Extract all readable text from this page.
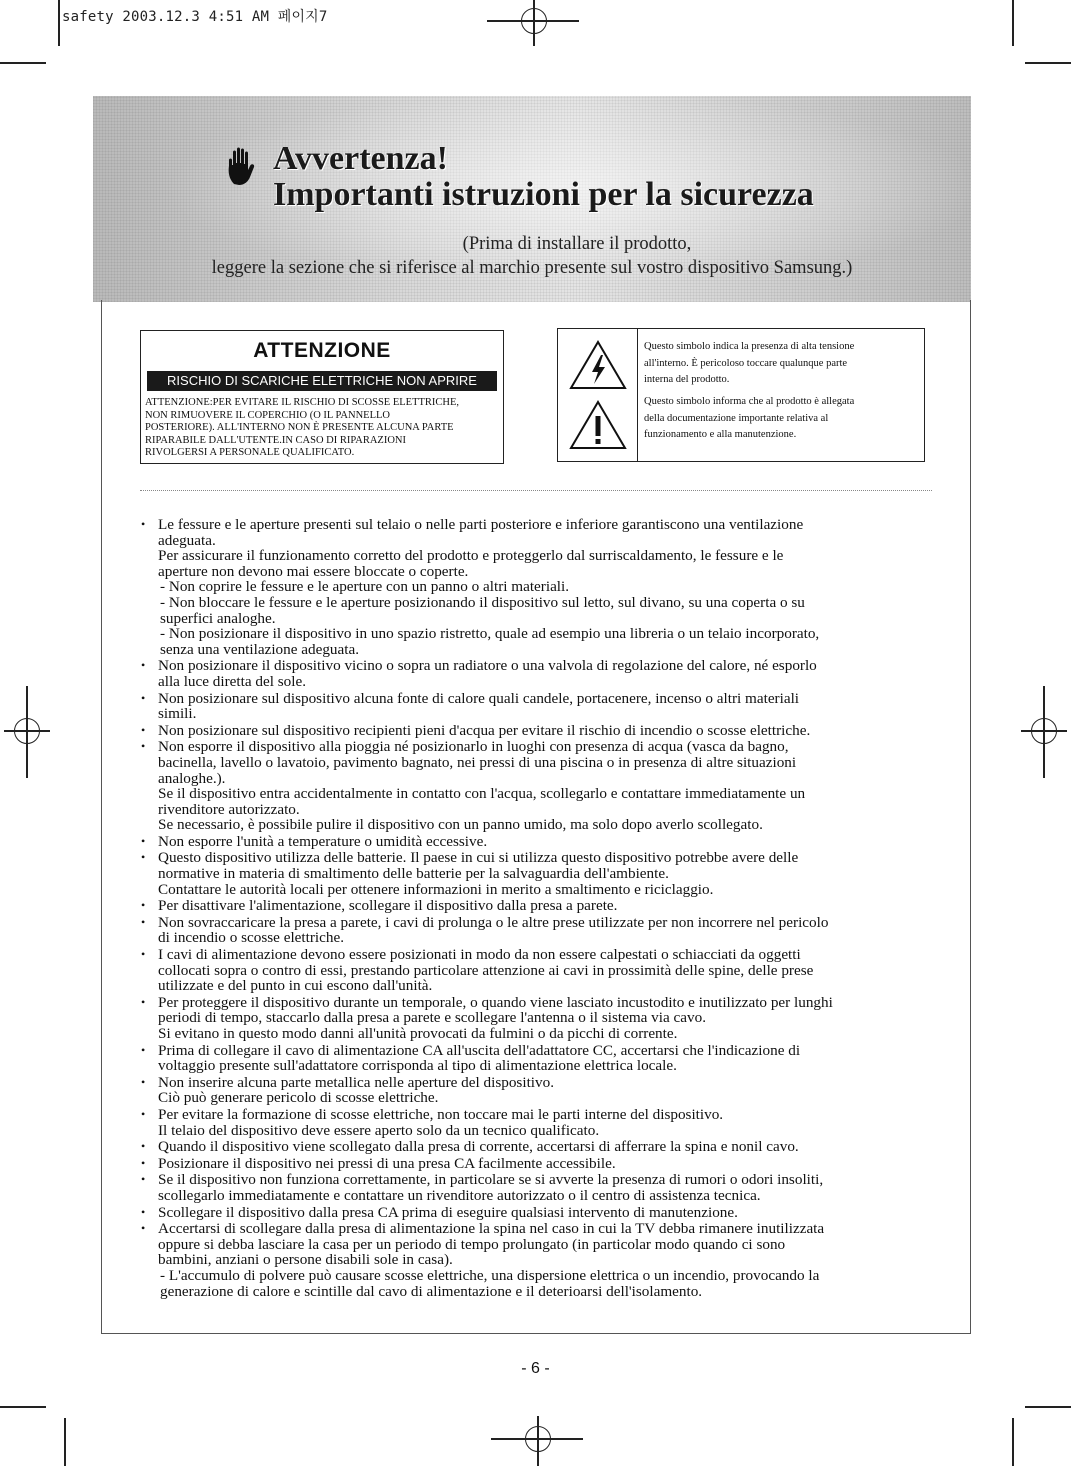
safety 2003.12.3 4:51 AM 페이지7
Avvertenza!
Importanti istruzioni per la sicurezza
(Prima di installare il prodotto,
leggere la sezione che si riferisce al marchio presente sul vostro dispositivo Samsung.)
ATTENZIONE
RISCHIO DI SCARICHE ELETTRICHE NON APRIRE
ATTENZIONE:PER EVITARE IL RISCHIO DI SCOSSE ELETTRICHE,
NON RIMUOVERE IL COPERCHIO (O IL PANNELLO
POSTERIORE). ALL'INTERNO NON È PRESENTE ALCUNA PARTE
RIPARABILE DALL'UTENTE.IN CASO DI RIPARAZIONI
RIVOLGERSI A PERSONALE QUALIFICATO.
Questo simbolo indica la presenza di alta tensione
all'interno. È pericoloso toccare qualunque parte
interna del prodotto.
Questo simbolo informa che al prodotto è allegata
della documentazione importante relativa al
funzionamento e alla manutenzione.
• Le fessure e le aperture presenti sul telaio o nelle parti posteriore e inferiore garantiscono una ventilazione
adeguata.
Per assicurare il funzionamento corretto del prodotto e proteggerlo dal surriscaldamento, le fessure e le
aperture non devono mai essere bloccate o coperte.
- Non coprire le fessure e le aperture con un panno o altri materiali.
- Non bloccare le fessure e le aperture posizionando il dispositivo sul letto, sul divano, su una coperta o su
superfici analoghe.
- Non posizionare il dispositivo in uno spazio ristretto, quale ad esempio una libreria o un telaio incorporato,
senza una ventilazione adeguata.
• Non posizionare il dispositivo vicino o sopra un radiatore o una valvola di regolazione del calore, né esporlo
alla luce diretta del sole.
• Non posizionare sul dispositivo alcuna fonte di calore quali candele, portacenere, incenso o altri materiali
simili.
• Non posizionare sul dispositivo recipienti pieni d'acqua per evitare il rischio di incendio o scosse elettriche.
• Non esporre il dispositivo alla pioggia né posizionarlo in luoghi con presenza di acqua (vasca da bagno,
bacinella, lavello o lavatoio, pavimento bagnato, nei pressi di una piscina o in presenza di altre situazioni
analoghe.).
Se il dispositivo entra accidentalmente in contatto con l'acqua, scollegarlo e contattare immediatamente un
rivenditore autorizzato.
Se necessario, è possibile pulire il dispositivo con un panno umido, ma solo dopo averlo scollegato.
• Non esporre l'unità a temperature o umidità eccessive.
• Questo dispositivo utilizza delle batterie. Il paese in cui si utilizza questo dispositivo potrebbe avere delle
normative in materia di smaltimento delle batterie per la salvaguardia dell'ambiente.
Contattare le autorità locali per ottenere informazioni in merito a smaltimento e riciclaggio.
• Per disattivare l'alimentazione, scollegare il dispositivo dalla presa a parete.
• Non sovraccaricare la presa a parete, i cavi di prolunga o le altre prese utilizzate per non incorrere nel pericolo
di incendio o scosse elettriche.
• I cavi di alimentazione devono essere posizionati in modo da non essere calpestati o schiacciati da oggetti
collocati sopra o contro di essi, prestando particolare attenzione ai cavi in prossimità delle spine, delle prese
utilizzate e del punto in cui escono dall'unità.
• Per proteggere il dispositivo durante un temporale, o quando viene lasciato incustodito e inutilizzato per lunghi
periodi di tempo, staccarlo dalla presa a parete e scollegare l'antenna o il sistema via cavo.
Si evitano in questo modo danni all'unità provocati da fulmini o da picchi di corrente.
• Prima di collegare il cavo di alimentazione CA all'uscita dell'adattatore CC, accertarsi che l'indicazione di
voltaggio presente sull'adattatore corrisponda al tipo di alimentazione elettrica locale.
• Non inserire alcuna parte metallica nelle aperture del dispositivo.
Ciò può generare pericolo di scosse elettriche.
• Per evitare la formazione di scosse elettriche, non toccare mai le parti interne del dispositivo.
Il telaio del dispositivo deve essere aperto solo da un tecnico qualificato.
• Quando il dispositivo viene scollegato dalla presa di corrente, accertarsi di afferrare la spina e nonil cavo.
• Posizionare il dispositivo nei pressi di una presa CA facilmente accessibile.
• Se il dispositivo non funziona correttamente, in particolare se si avverte la presenza di rumori o odori insoliti,
scollegarlo immediatamente e contattare un rivenditore autorizzato o il centro di assistenza tecnica.
• Scollegare il dispositivo dalla presa CA prima di eseguire qualsiasi intervento di manutenzione.
• Accertarsi di scollegare dalla presa di alimentazione la spina nel caso in cui la TV debba rimanere inutilizzata
oppure si debba lasciare la casa per un periodo di tempo prolungato (in particolar modo quando ci sono
bambini, anziani o persone disabili sole in casa).
- L'accumulo di polvere può causare scosse elettriche, una dispersione elettrica o un incendio, provocando la
generazione di calore e scintille dal cavo di alimentazione e il deterioarsi dell'isolamento.
- 6 -
